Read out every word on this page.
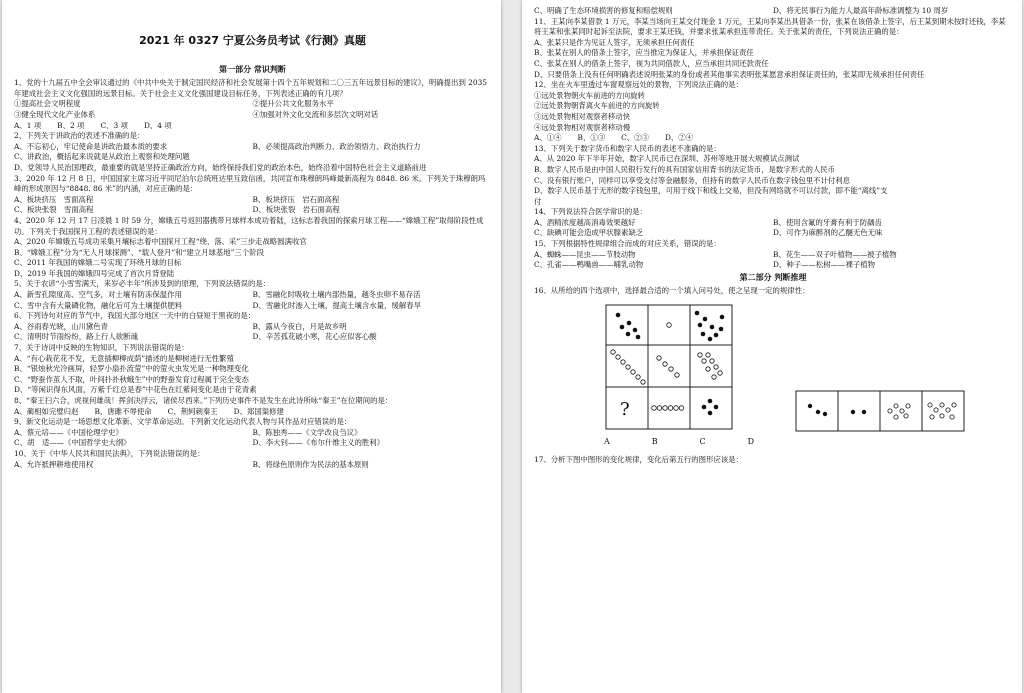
2021 年 0327 宁夏公务员考试《行测》真题
第一部分 常识判断
1、党的十九届五中全会审议通过的《中共中央关于制定国民经济和社会发展第十四个五年规划和二〇三五年远景目标的建议》，明确提出到 2035 年建成社会主义文化强国的远景目标。关于社会主义文化强国建设目标任务，下列表述正确的有几项？
①提高社会文明程度	②提升公共文化服务水平
③健全现代文化产业体系	④加强对外文化交流和多层次文明对话
A、1 项 B、2 项 C、3 项 D、4 项
2、下列关于讲政治的表述不准确的是：
A、不忘初心，牢记使命是讲政治最本质的要求	B、必须提高政治判断力、政治领悟力、政治执行力
C、讲政治，概括起来说就是从政治上观察和处理问题
D、党领导人民治国理政，最重要的就是坚持正确政治方向，始终保持我们党的政治本色，始终沿着中国特色社会主义道路前进
3、2020 年 12 月 8 日，中国国家主席习近平同尼泊尔总统班达里互致信函，共同宣布珠穆朗玛峰最新高程为 8848. 86 米。下列关于珠穆朗玛峰的形成原因与“8848. 86 米”的内涵，对应正确的是：
A、板块挤压　雪面高程	B、板块挤压　岩石面高程
C、板块张裂　雪面高程	D、板块张裂　岩石面高程
4、2020 年 12 月 17 日凌晨 1 时 59 分，嫦娥五号返回器携带月球样本成功着陆，这标志着我国的探索月球工程——“嫦娥工程”取得阶段性成功。下列关于我国探月工程的表述错误的是：
A、2020 年嫦娥五号成功采集月壤标志着中国探月工程“绕、落、采”三步走战略圆满收官
B、“嫦娥工程”分为“无人月球探测”、“载人登月”和“建立月球基地”三个阶段
C、2011 年我国的嫦娥二号实现了环绕月球的目标
D、2019 年我国的嫦娥四号完成了首次月背登陆
5、关于农谚“小雪雪满天，来岁必丰年”所涉及到的原理，下列说法错误的是：
A、新雪孔隙度高、空气多，对土壤有防冻保温作用	B、雪融化时吸收土壤内部热量，越冬虫卵不易存活
C、雪中含有大量磷化物，融化后可为土壤提供肥料	D、雪融化时渗入土壤，提高土壤含水量，缓解春旱
6、下列诗句对应的节气中，我国大部分地区一天中的白昼短于黑夜的是：
A、谷雨春光晓，山川黛色青	B、露从今夜白，月是故乡明
C、清明时节雨纷纷，路上行人欲断魂	D、辛苦孤花破小寒，花心应似客心酸
7、关于诗词中反映的生物知识，下列说法错误的是：
A、“有心栽花花不发，无意插柳柳成荫”描述的是柳树进行无性繁殖
B、“银烛秋光冷画屏，轻罗小扇扑流萤”中的萤火虫发光是一种物理变化
C、“野蚕作茧人不取，叶间扑扑秋蛾生”中的野蚕发育过程属于完全变态
D、“等闲识得东风面，万紫千红总是春”中花色在红紫间变化是由于花青素
8、“秦王扫六合，虎视何雄哉！挥剑决浮云，诸侯尽西来。”下列历史事件不是发生在此诗所咏“秦王”在位期间的是：
A、蔺相如完璧归赵 B、唐雎不辱使命 C、荆轲刺秦王 D、郑国渠修建
9、新文化运动是一场思想文化革新、文学革命运动。下列新文化运动代表人物与其作品对应错误的是：
A、蔡元培——《中国伦理学史》	B、陈独秀——《文学改良刍议》
C、胡　适——《中国哲学史大纲》	D、李大钊——《布尔什维主义的胜利》
10、关于《中华人民共和国民法典》，下列说法错误的是：
A、允许抵押耕地使用权	B、将绿色原则作为民法的基本原则
C、明确了生态环境损害的修复和赔偿规则	D、将无民事行为能力人最高年龄标准调整为 10 周岁
11、王某向李某借款 1 万元，李某当场向王某交付现金 1 万元，王某向李某出具借条一份，张某在该借条上签字，后王某到期未按时还钱，李某将王某和张某同时起诉至法院，要求王某还钱，并要求张某承担连带责任。关于张某的责任，下列说法正确的是：
A、张某只是作为见证人签字，无须承担任何责任
B、张某在别人的借条上签字，应当推定为保证人，并承担保证责任
C、张某在别人的借条上签字，视为共同借款人，应当承担共同还款责任
D、只要借条上没有任何明确表述说明张某的身份或者其他事实表明张某愿意承担保证责任的，张某即无须承担任何责任
12、坐在火车里透过车窗观察远处的景物，下列说法正确的是：
①远处景物朝火车前进的方向旋转
②远处景物朝背离火车前进的方向旋转
③远处景物相对观察者移动快
④远处景物相对观察者移动慢
A、①④ B、①③ C、②③ D、②④
13、下列关于数字货币和数字人民币的表述不准确的是：
A、从 2020 年下半年开始，数字人民币已在深圳、苏州等地开展大规模试点测试
B、数字人民币是由中国人民银行发行的具有国家信用背书的法定货币，是数字形式的人民币
C、没有银行账户，同样可以享受支付等金融服务，但持有的数字人民币在数字钱包里不计付利息
D、数字人民币基于无形的数字钱包里，可用于线下和线上交易，但没有网络就不可以付款，即不能“离线”支
付
14、下列说法符合医学常识的是：
A、酒精浓度越高消毒效果越好	B、使用含氟的牙膏有利于防龋齿
C、缺碘可能会造成甲状腺素缺乏	D、可作为麻醉剂的乙醚无色无味
15、下列根据特性规律组合而成的对应关系，错误的是：
A、蜘蛛——昆虫——节肢动物	B、花生——双子叶植物——被子植物
C、孔雀——鸭嘴兽——哺乳动物	D、种子——松树——裸子植物
第二部分 判断推理
16、从所给的四个选项中，选择最合适的一个填入问号处，使之呈现一定的规律性：
?

A	B	C	D
17、分析下图中图形的变化规律，变化后第五行的图形应该是：
